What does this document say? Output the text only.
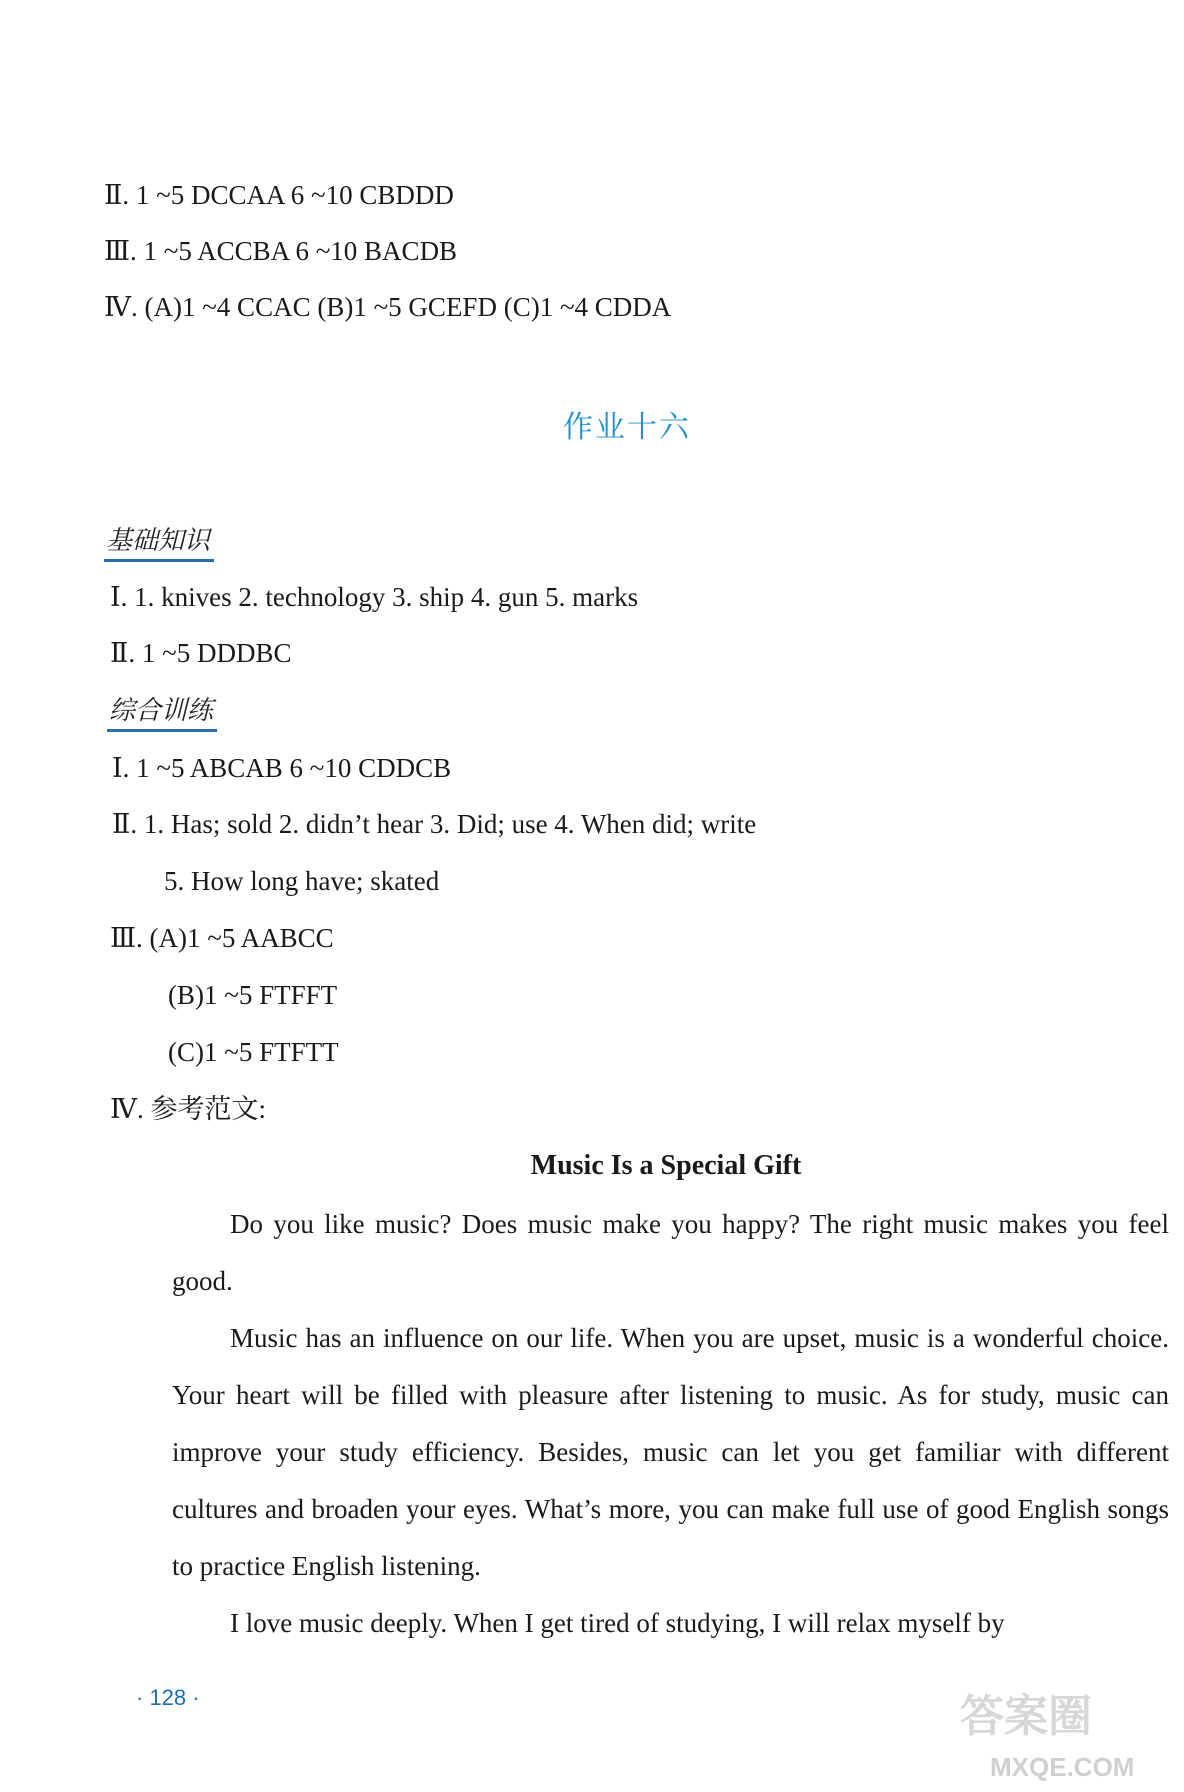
Ⅱ. 1 ~5 DCCAA 6 ~10 CBDDD
Ⅲ. 1 ~5 ACCBA 6 ~10 BACDB
Ⅳ. (A)1 ~4 CCAC (B)1 ~5 GCEFD (C)1 ~4 CDDA
作业十六
基础知识
Ⅰ. 1. knives 2. technology 3. ship 4. gun 5. marks
Ⅱ. 1 ~5 DDDBC
综合训练
Ⅰ. 1 ~5 ABCAB 6 ~10 CDDCB
Ⅱ. 1. Has; sold 2. didn’t hear 3. Did; use 4. When did; write
5. How long have; skated
Ⅲ. (A)1 ~5 AABCC
(B)1 ~5 FTFFT
(C)1 ~5 FTFTT
Ⅳ. 参考范文:
Music Is a Special Gift

Do you like music? Does music make you happy? The right music makes you feel good.

Music has an influence on our life. When you are upset, music is a wonderful choice. Your heart will be filled with pleasure after listening to music. As for study, music can improve your study efficiency. Besides, music can let you get familiar with different cultures and broaden your eyes. What’s more, you can make full use of good English songs to practice English listening.

I love music deeply. When I get tired of studying, I will relax myself by

· 128 ·	答案圈
MXQE.COM
